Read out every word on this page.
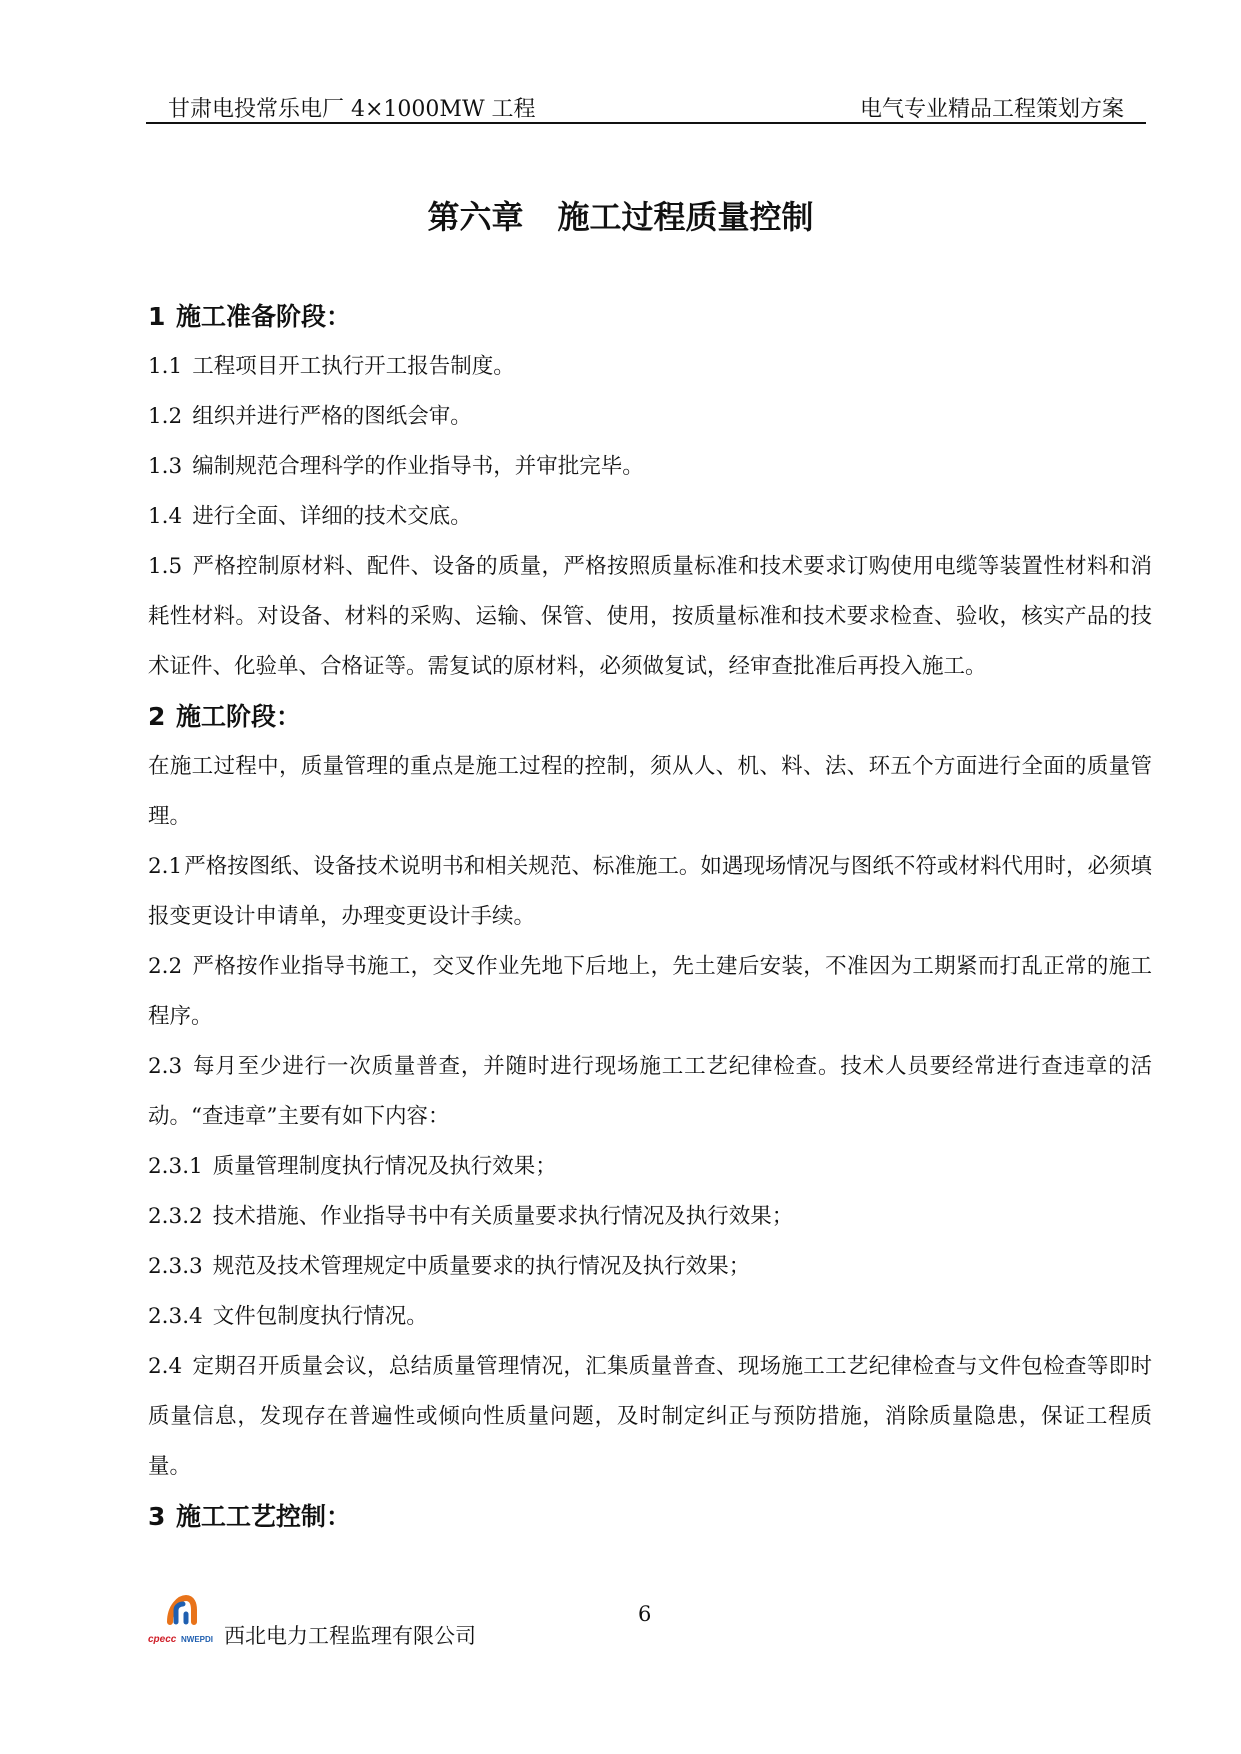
甘肃电投常乐电厂 4×1000MW 工程	电气专业精品工程策划方案
第六章 施工过程质量控制
1 施工准备阶段：
1.1 工程项目开工执行开工报告制度。
1.2 组织并进行严格的图纸会审。
1.3 编制规范合理科学的作业指导书，并审批完毕。
1.4 进行全面、详细的技术交底。
1.5 严格控制原材料、配件、设备的质量，严格按照质量标准和技术要求订购使用电缆等装置性材料和消耗性材料。对设备、材料的采购、运输、保管、使用，按质量标准和技术要求检查、验收，核实产品的技术证件、化验单、合格证等。需复试的原材料，必须做复试，经审查批准后再投入施工。
2 施工阶段：
在施工过程中，质量管理的重点是施工过程的控制，须从人、机、料、法、环五个方面进行全面的质量管理。
2.1严格按图纸、设备技术说明书和相关规范、标准施工。如遇现场情况与图纸不符或材料代用时，必须填报变更设计申请单，办理变更设计手续。
2.2 严格按作业指导书施工，交叉作业先地下后地上，先土建后安装，不准因为工期紧而打乱正常的施工程序。
2.3 每月至少进行一次质量普查，并随时进行现场施工工艺纪律检查。技术人员要经常进行查违章的活动。“查违章”主要有如下内容：
2.3.1 质量管理制度执行情况及执行效果；
2.3.2 技术措施、作业指导书中有关质量要求执行情况及执行效果；
2.3.3 规范及技术管理规定中质量要求的执行情况及执行效果；
2.3.4 文件包制度执行情况。
2.4 定期召开质量会议，总结质量管理情况，汇集质量普查、现场施工工艺纪律检查与文件包检查等即时质量信息，发现存在普遍性或倾向性质量问题，及时制定纠正与预防措施，消除质量隐患，保证工程质量。
3 施工工艺控制：
cpecc NWEPDI 西北电力工程监理有限公司
6
